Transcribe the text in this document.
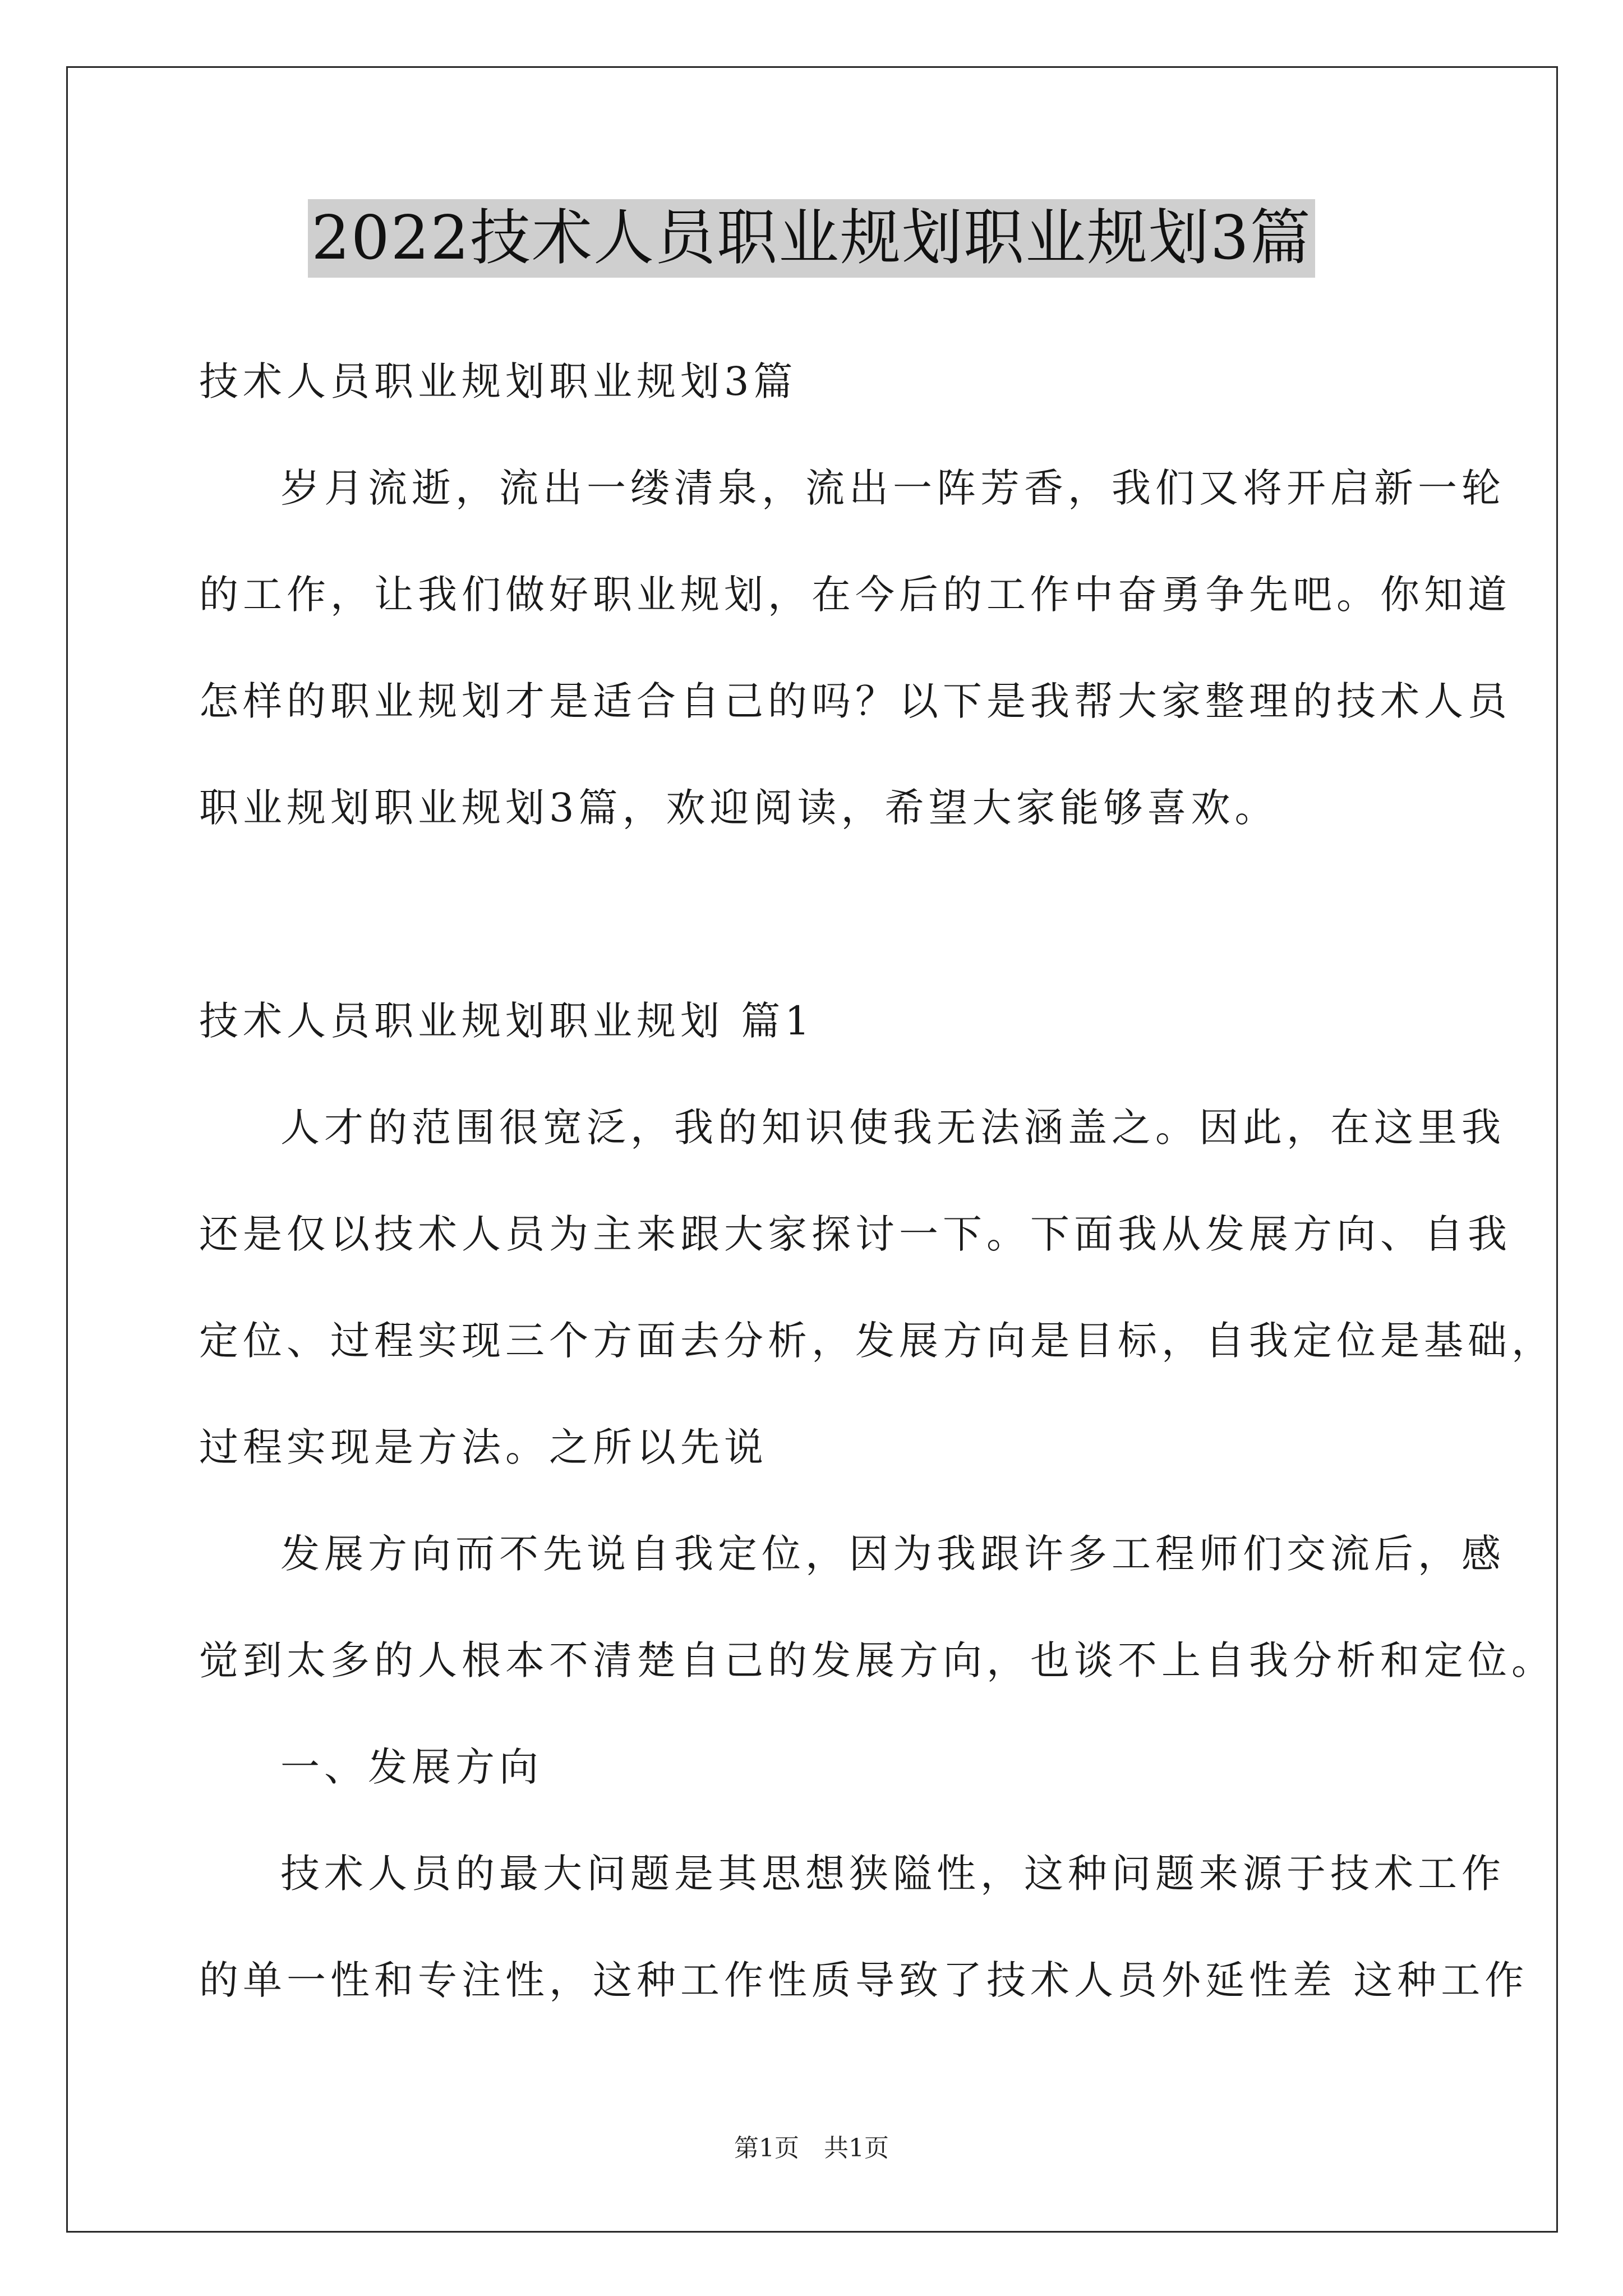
2022技术人员职业规划职业规划3篇
技术人员职业规划职业规划3篇
岁月流逝，流出一缕清泉，流出一阵芳香，我们又将开启新一轮
的工作，让我们做好职业规划，在今后的工作中奋勇争先吧。你知道
怎样的职业规划才是适合自己的吗？以下是我帮大家整理的技术人员
职业规划职业规划3篇，欢迎阅读，希望大家能够喜欢。
技术人员职业规划职业规划 篇1
人才的范围很宽泛，我的知识使我无法涵盖之。因此，在这里我
还是仅以技术人员为主来跟大家探讨一下。下面我从发展方向、自我
定位、过程实现三个方面去分析，发展方向是目标，自我定位是基础，
过程实现是方法。之所以先说
发展方向而不先说自我定位，因为我跟许多工程师们交流后，感
觉到太多的人根本不清楚自己的发展方向，也谈不上自我分析和定位。
一、发展方向
技术人员的最大问题是其思想狭隘性，这种问题来源于技术工作
的单一性和专注性，这种工作性质导致了技术人员外延性差 这种工作
第1页　共1页
